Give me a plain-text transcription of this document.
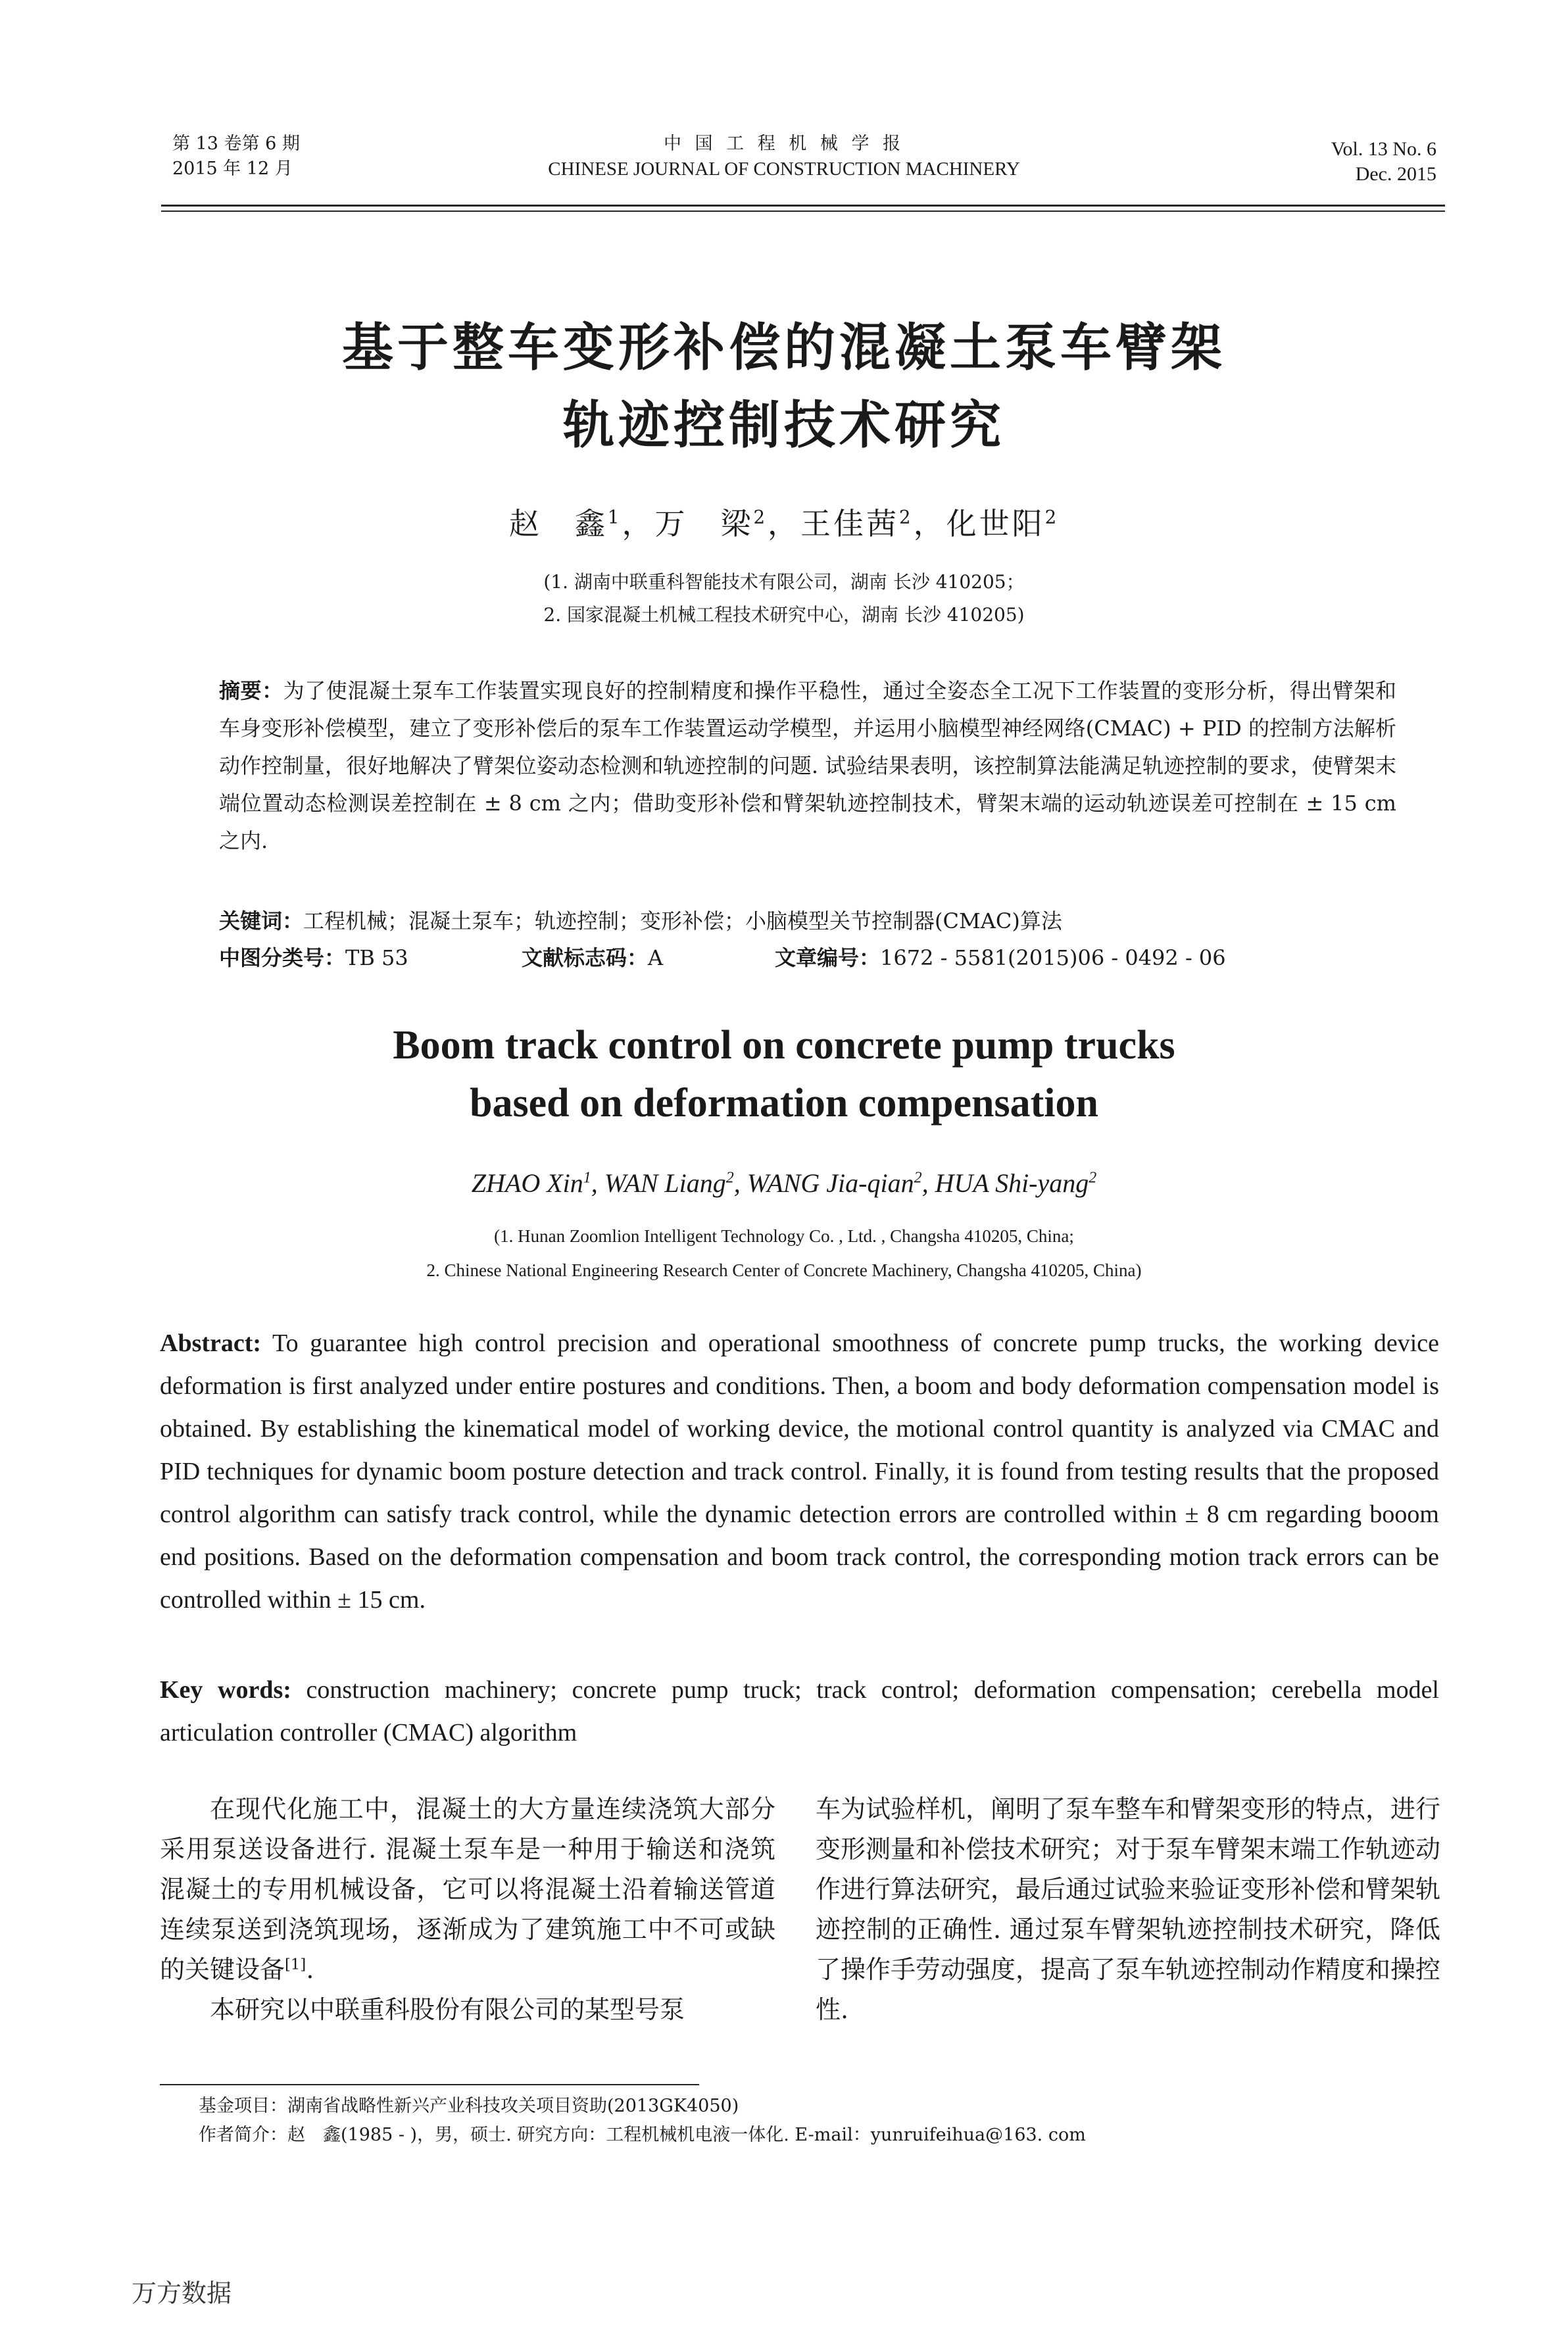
第 13 卷第 6 期
2015 年 12 月
中 国 工 程 机 械 学 报
CHINESE JOURNAL OF CONSTRUCTION MACHINERY
Vol. 13 No. 6
Dec. 2015
基于整车变形补偿的混凝土泵车臂架
轨迹控制技术研究
赵　鑫$^1$，万　梁$^2$，王佳茜$^2$，化世阳$^2$
(1. 湖南中联重科智能技术有限公司，湖南 长沙 410205；
2. 国家混凝土机械工程技术研究中心，湖南 长沙 410205)
摘要：为了使混凝土泵车工作装置实现良好的控制精度和操作平稳性，通过全姿态全工况下工作装置的变形分析，得出臂架和车身变形补偿模型，建立了变形补偿后的泵车工作装置运动学模型，并运用小脑模型神经网络(CMAC) + PID 的控制方法解析动作控制量，很好地解决了臂架位姿动态检测和轨迹控制的问题. 试验结果表明，该控制算法能满足轨迹控制的要求，使臂架末端位置动态检测误差控制在 ± 8 cm 之内；借助变形补偿和臂架轨迹控制技术，臂架末端的运动轨迹误差可控制在 ± 15 cm 之内.
关键词：工程机械；混凝土泵车；轨迹控制；变形补偿；小脑模型关节控制器(CMAC)算法
中图分类号：TB 53	文献标志码：A	文章编号：1672 - 5581(2015)06 - 0492 - 06
Boom track control on concrete pump trucks
based on deformation compensation
ZHAO Xin$^1$, WAN Liang$^2$, WANG Jia-qian$^2$, HUA Shi-yang$^2$
(1. Hunan Zoomlion Intelligent Technology Co. , Ltd. , Changsha 410205, China;
2. Chinese National Engineering Research Center of Concrete Machinery, Changsha 410205, China)
Abstract: To guarantee high control precision and operational smoothness of concrete pump trucks, the working device deformation is first analyzed under entire postures and conditions. Then, a boom and body deformation compensation model is obtained. By establishing the kinematical model of working device, the motional control quantity is analyzed via CMAC and PID techniques for dynamic boom posture detection and track control. Finally, it is found from testing results that the proposed control algorithm can satisfy track control, while the dynamic detection errors are controlled within ± 8 cm regarding booom end positions. Based on the deformation compensation and boom track control, the corresponding motion track errors can be controlled within ± 15 cm.
Key words: construction machinery; concrete pump truck; track control; deformation compensation; cerebella model articulation controller (CMAC) algorithm

在现代化施工中，混凝土的大方量连续浇筑大部分采用泵送设备进行. 混凝土泵车是一种用于输送和浇筑混凝土的专用机械设备，它可以将混凝土沿着输送管道连续泵送到浇筑现场，逐渐成为了建筑施工中不可或缺的关键设备[1].

本研究以中联重科股份有限公司的某型号泵

车为试验样机，阐明了泵车整车和臂架变形的特点，进行变形测量和补偿技术研究；对于泵车臂架末端工作轨迹动作进行算法研究，最后通过试验来验证变形补偿和臂架轨迹控制的正确性. 通过泵车臂架轨迹控制技术研究，降低了操作手劳动强度，提高了泵车轨迹控制动作精度和操控性.

基金项目：湖南省战略性新兴产业科技攻关项目资助(2013GK4050)
作者简介：赵　鑫(1985 - )，男，硕士. 研究方向：工程机械机电液一体化. E-mail：yunruifeihua@163. com
万方数据
